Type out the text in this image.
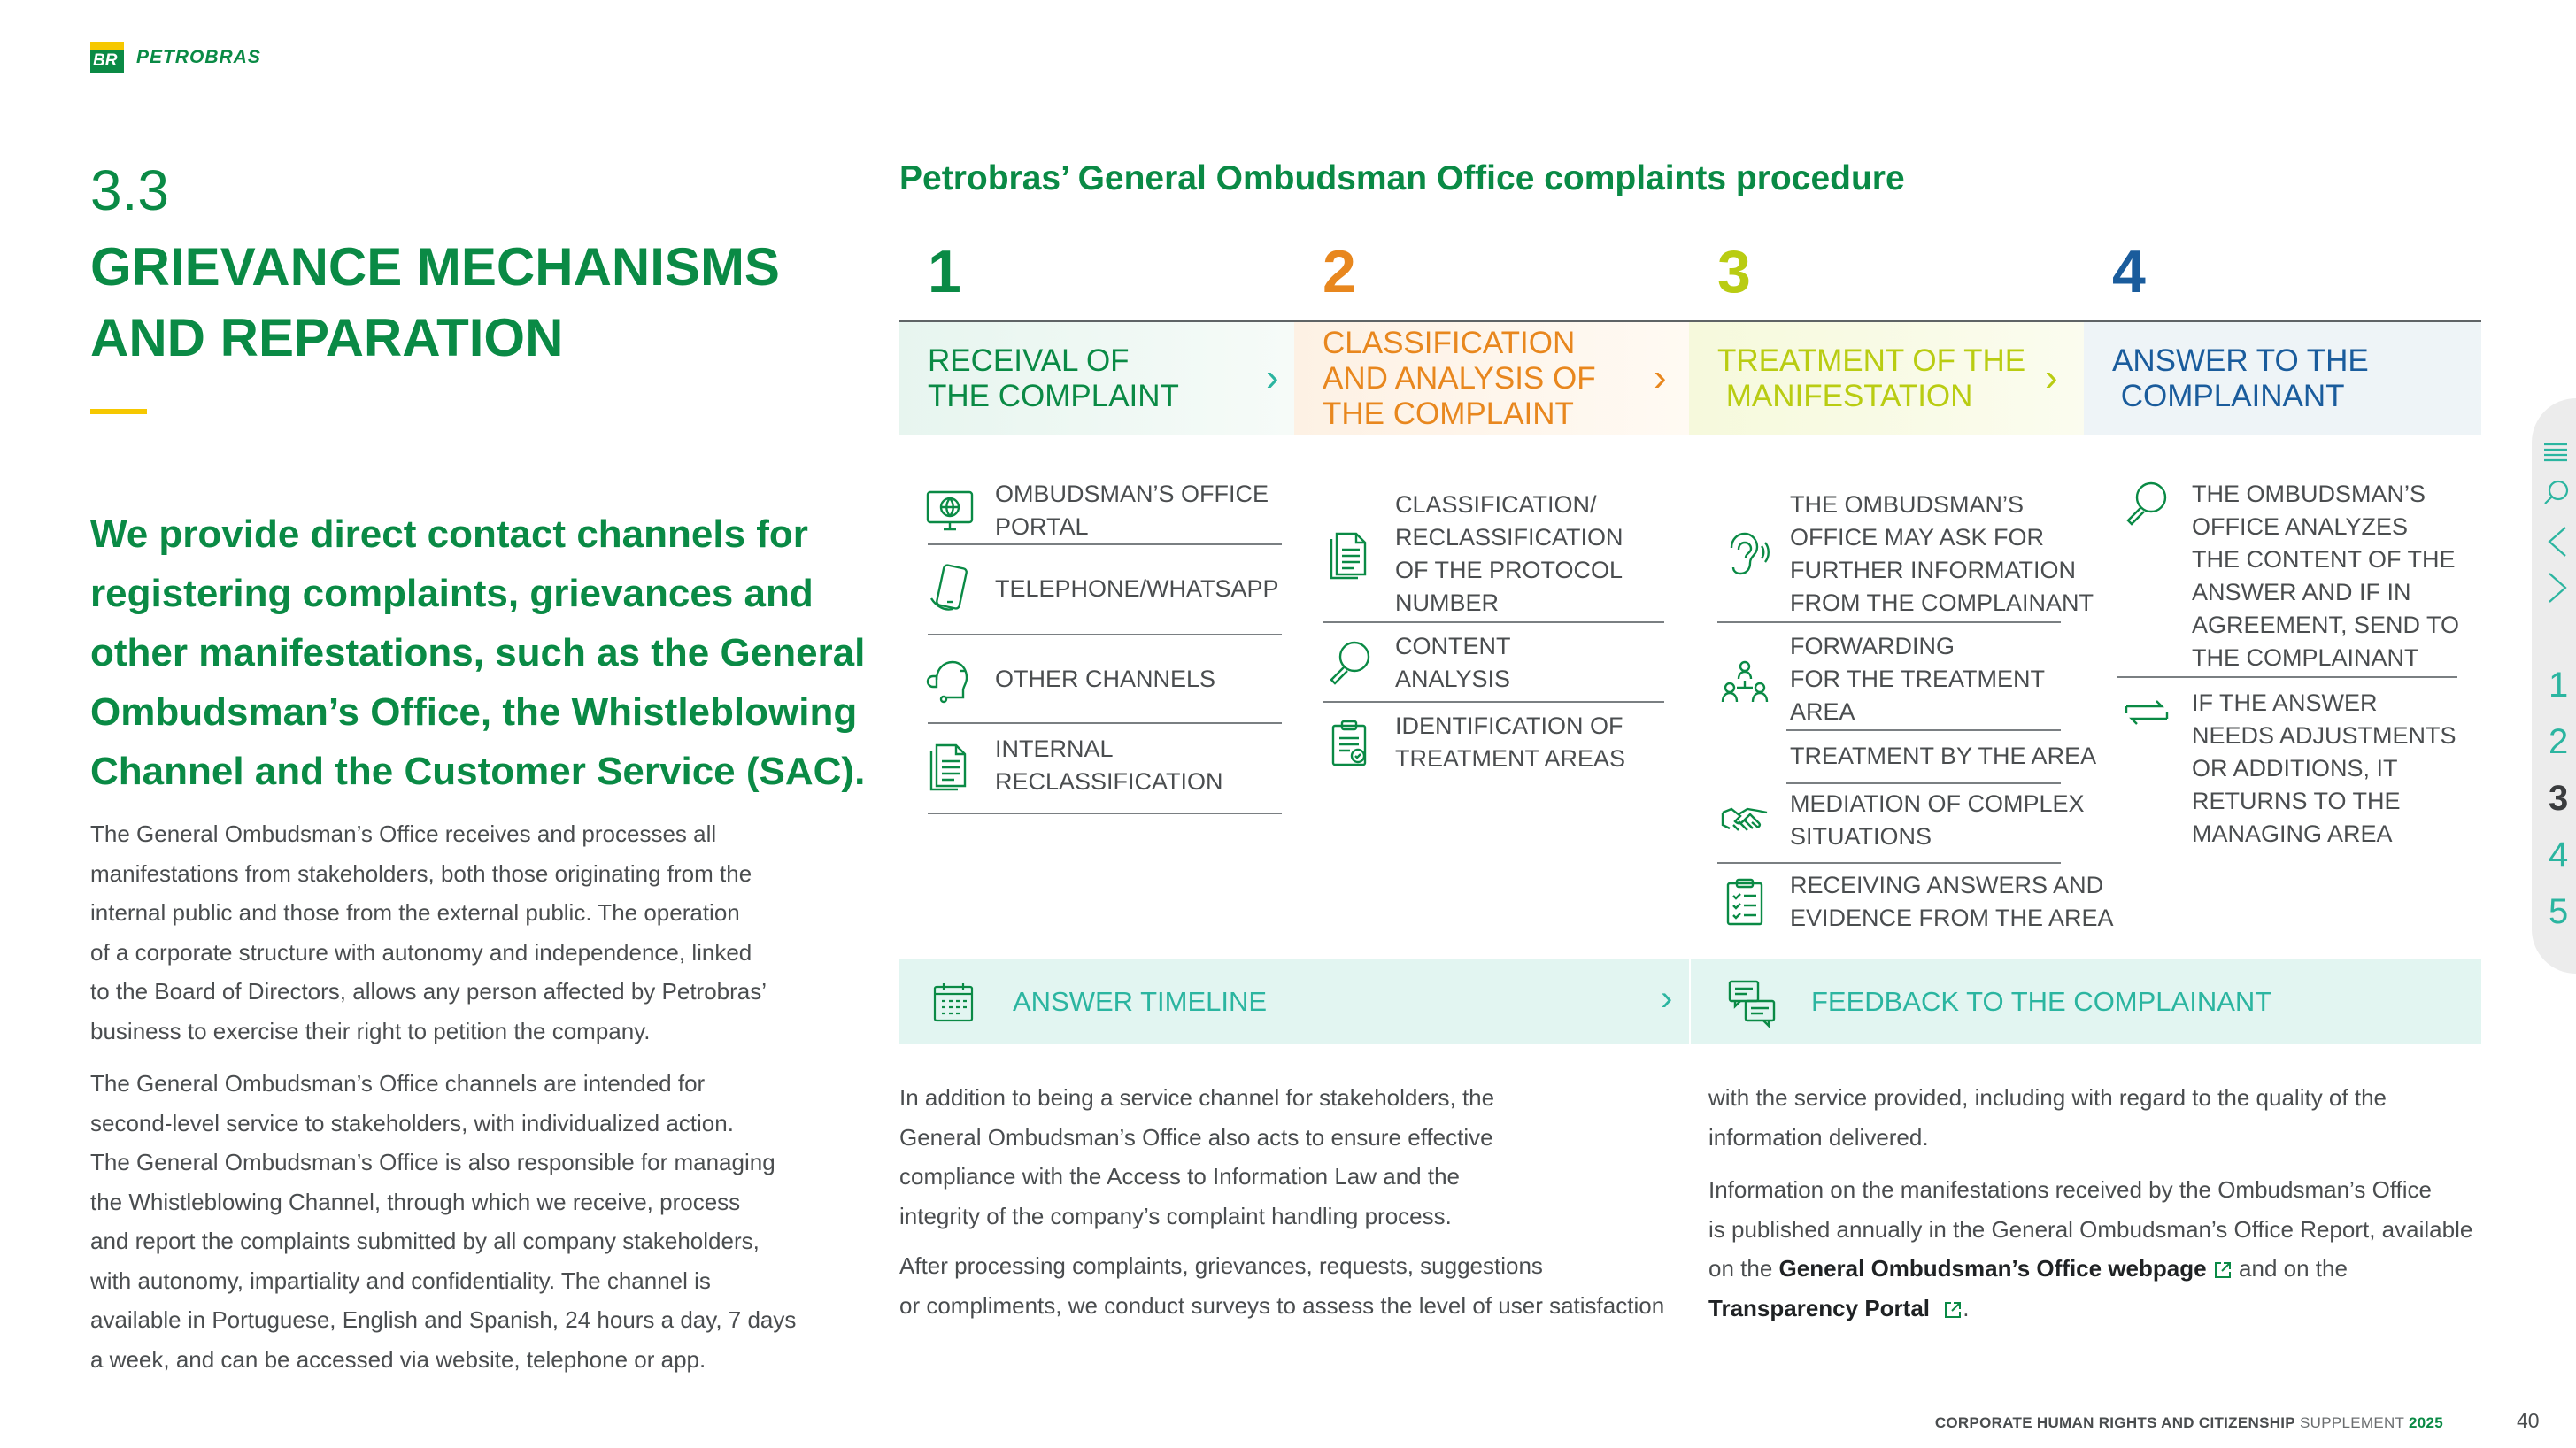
BR PETROBRAS
3.3
GRIEVANCE MECHANISMS
AND REPARATION
We provide direct contact channels for
registering complaints, grievances and
other manifestations, such as the General
Ombudsman’s Office, the Whistleblowing
Channel and the Customer Service (SAC).
The General Ombudsman’s Office receives and processes all
manifestations from stakeholders, both those originating from the
internal public and those from the external public. The operation
of a corporate structure with autonomy and independence, linked
to the Board of Directors, allows any person affected by Petrobras’
business to exercise their right to petition the company.
The General Ombudsman’s Office channels are intended for
second-level service to stakeholders, with individualized action.
The General Ombudsman’s Office is also responsible for managing
the Whistleblowing Channel, through which we receive, process
and report the complaints submitted by all company stakeholders,
with autonomy, impartiality and confidentiality. The channel is
available in Portuguese, English and Spanish, 24 hours a day, 7 days
a week, and can be accessed via website, telephone or app.
Petrobras’ General Ombudsman Office complaints procedure
1	2	3	4
RECEIVAL OF
THE COMPLAINT ›
CLASSIFICATION
AND ANALYSIS OF
THE COMPLAINT
› TREATMENT OF THE
MANIFESTATION	› ANSWER TO THE
COMPLAINANT
OMBUDSMAN’S OFFICE
PORTAL
TELEPHONE/WHATSAPP
OTHER CHANNELS
INTERNAL
RECLASSIFICATION
CLASSIFICATION/
RECLASSIFICATION
OF THE PROTOCOL
NUMBER
CONTENT
ANALYSIS
IDENTIFICATION OF
TREATMENT AREAS
THE OMBUDSMAN’S
OFFICE MAY ASK FOR
FURTHER INFORMATION
FROM THE COMPLAINANT
FORWARDING
FOR THE TREATMENT
AREA
TREATMENT BY THE AREA
MEDIATION OF COMPLEX
SITUATIONS
RECEIVING ANSWERS AND
EVIDENCE FROM THE AREA
THE OMBUDSMAN’S
OFFICE ANALYZES
THE CONTENT OF THE
ANSWER AND IF IN
AGREEMENT, SEND TO
THE COMPLAINANT
IF THE ANSWER
NEEDS ADJUSTMENTS
OR ADDITIONS, IT
RETURNS TO THE
MANAGING AREA
ANSWER TIMELINE	›	FEEDBACK TO THE COMPLAINANT
In addition to being a service channel for stakeholders, the
General Ombudsman’s Office also acts to ensure effective
compliance with the Access to Information Law and the
integrity of the company’s complaint handling process.
After processing complaints, grievances, requests, suggestions
or compliments, we conduct surveys to assess the level of user satisfaction
with the service provided, including with regard to the quality of the
information delivered.
Information on the manifestations received by the Ombudsman’s Office
is published annually in the General Ombudsman’s Office Report, available
on the General Ombudsman’s Office webpage  and on the
Transparency Portal .
1
2
3
4
5
CORPORATE HUMAN RIGHTS AND CITIZENSHIP SUPPLEMENT 2025	40
